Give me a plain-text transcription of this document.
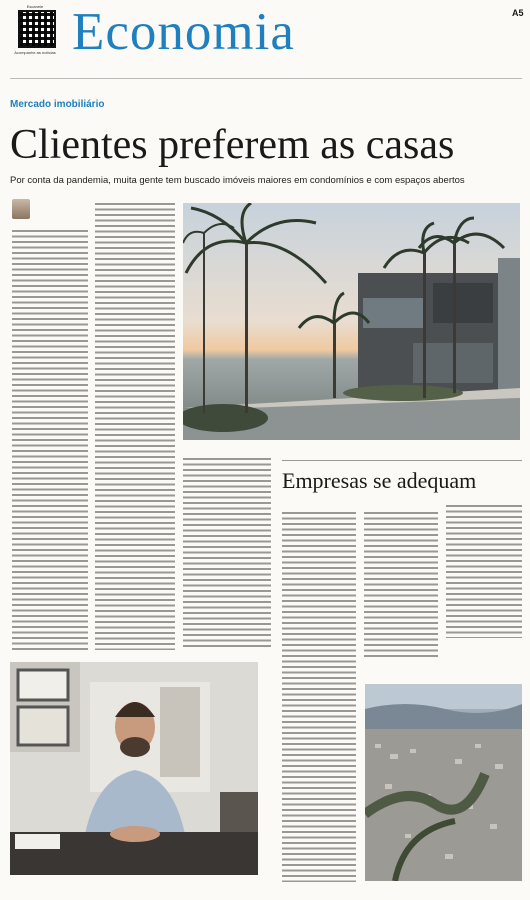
Escaneie
Acompanhe as notícias Economia	A5
Mercado imobiliário
Clientes preferem as casas
Por conta da pandemia, muita gente tem buscado imóveis maiores em condomínios e com espaços abertos
Empresas se adequam
